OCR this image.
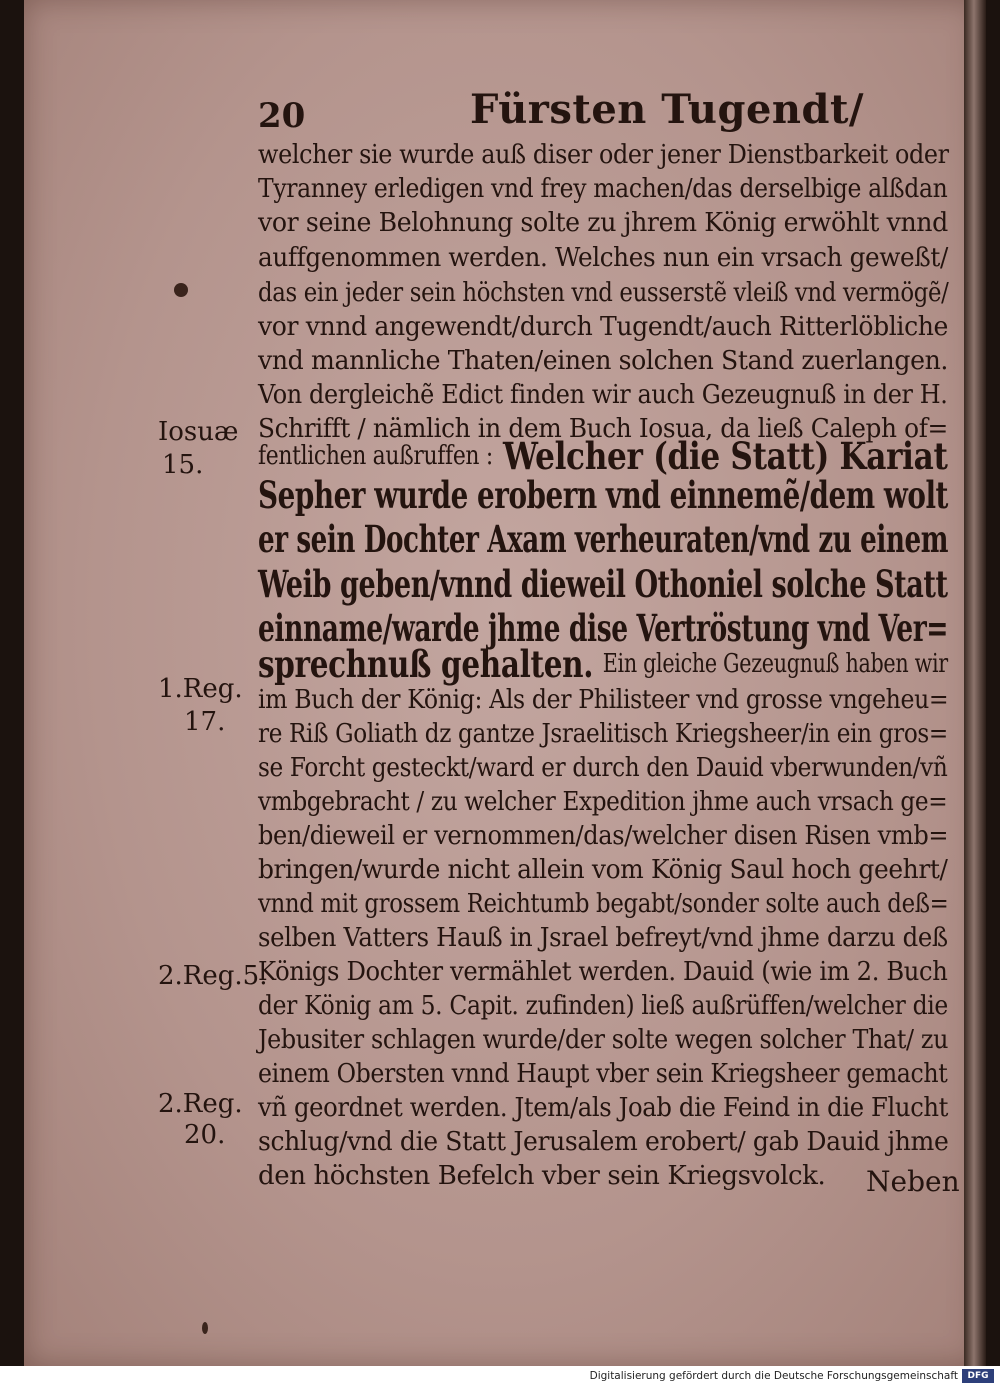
20	Fürsten Tugendt/
welcher sie wurde auß diser oder jener Dienstbarkeit oder
Tyranney erledigen vnd frey machen/das derselbige alßdan
vor seine Belohnung solte zu jhrem König erwöhlt vnnd
auffgenommen werden. Welches nun ein vrsach geweßt/
das ein jeder sein höchsten vnd eusserstẽ vleiß vnd vermögẽ/
vor vnnd angewendt/durch Tugendt/auch Ritterlöbliche
vnd mannliche Thaten/einen solchen Stand zuerlangen.
Von dergleichẽ Edict finden wir auch Gezeugnuß in der H.
Schrifft / nämlich in dem Buch Iosua, da ließ Caleph of=
fentlichen außruffen : Welcher (die Statt) Kariat
Sepher wurde erobern vnd einnemẽ/dem wolt
er sein Dochter Axam verheuraten/vnd zu einem
Weib geben/vnnd dieweil Othoniel solche Statt
einname/warde jhme dise Vertröstung vnd Ver=
sprechnuß gehalten. Ein gleiche Gezeugnuß haben wir
im Buch der König: Als der Philisteer vnd grosse vngeheu=
re Riß Goliath dz gantze Jsraelitisch Kriegsheer/in ein gros=
se Forcht gesteckt/ward er durch den Dauid vberwunden/vñ
vmbgebracht / zu welcher Expedition jhme auch vrsach ge=
ben/dieweil er vernommen/das/welcher disen Risen vmb=
bringen/wurde nicht allein vom König Saul hoch geehrt/
vnnd mit grossem Reichtumb begabt/sonder solte auch deß=
selben Vatters Hauß in Jsrael befreyt/vnd jhme darzu deß
Königs Dochter vermählet werden. Dauid (wie im 2. Buch
der König am 5. Capit. zufinden) ließ außrüffen/welcher die
Jebusiter schlagen wurde/der solte wegen solcher That/ zu
einem Obersten vnnd Haupt vber sein Kriegsheer gemacht
vñ geordnet werden. Jtem/als Joab die Feind in die Flucht
schlug/vnd die Statt Jerusalem erobert/ gab Dauid jhme
den höchsten Befelch vber sein Kriegsvolck.
Iosuæ
15.
1.Reg.
17.
2.Reg.5.
2.Reg.
20.
Neben
Digitalisierung gefördert durch die Deutsche Forschungsgemeinschaft	DFG
